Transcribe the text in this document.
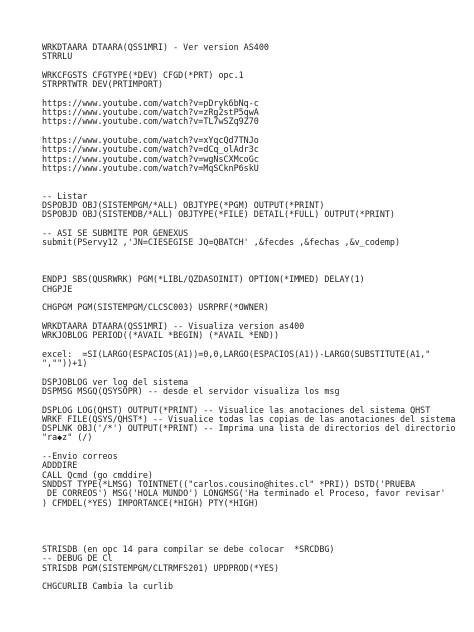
WRKDTAARA DTAARA(QSS1MRI) - Ver version AS400
STRRLU
WRKCFGSTS CFGTYPE(*DEV) CFGD(*PRT) opc.1
STRPRTWTR DEV(PRTIMPORT)
https://www.youtube.com/watch?v=pDryk6bNq-c
https://www.youtube.com/watch?v=zRg2stP5qwA
https://www.youtube.com/watch?v=TL7wSZq9Z70
https://www.youtube.com/watch?v=xYqcQd7TNJo
https://www.youtube.com/watch?v=dCq_olAdr3c
https://www.youtube.com/watch?v=wgNsCXMcoGc
https://www.youtube.com/watch?v=MqSCknP6skU
-- Listar
DSPOBJD OBJ(SISTEMPGM/*ALL) OBJTYPE(*PGM) OUTPUT(*PRINT)
DSPOBJD OBJ(SISTEMDB/*ALL) OBJTYPE(*FILE) DETAIL(*FULL) OUTPUT(*PRINT)
-- ASI SE SUBMITE POR GENEXUS
submit(PServy12 ,'JN=CIESEGISE JQ=QBATCH' ,&fecdes ,&fechas ,&v_codemp)
ENDPJ SBS(QUSRWRK) PGM(*LIBL/QZDASOINIT) OPTION(*IMMED) DELAY(1)
CHGPJE
CHGPGM PGM(SISTEMPGM/CLCSC003) USRPRF(*OWNER)
WRKDTAARA DTAARA(QSS1MRI) -- Visualiza version as400
WRKJOBLOG PERIOD((*AVAIL *BEGIN) (*AVAIL *END))
excel:  =SI(LARGO(ESPACIOS(A1))=0,0,LARGO(ESPACIOS(A1))-LARGO(SUBSTITUTE(A1,"
",""))+1)
DSPJOBLOG ver log del sistema
DSPMSG MSGQ(QSYSOPR) -- desde el servidor visualiza los msg
DSPLOG LOG(QHST) OUTPUT(*PRINT) -- Visualice las anotaciones del sistema QHST
WRKF FILE(QSYS/QHST*) -- Visualice todas las copias de las anotaciones del sistema
DSPLNK OBJ('/*') OUTPUT(*PRINT) -- Imprima una lista de directorios del directorio
"ra◆z" (/)
--Envio correos
ADDDIRE
CALL Qcmd (go cmddire)
SNDDST TYPE(*LMSG) TOINTNET(("carlos.cousino@hites.cl" *PRI)) DSTD('PRUEBA
DE CORREOS') MSG('HOLA MUNDO') LONGMSG('Ha terminado el Proceso, favor revisar'
) CFMDEL(*YES) IMPORTANCE(*HIGH) PTY(*HIGH)
STRISDB (en opc 14 para compilar se debe colocar  *SRCDBG)
-- DEBUG DE Cl
STRISDB PGM(SISTEMPGM/CLTRMFS201) UPDPROD(*YES)
CHGCURLIB Cambia la curlib
